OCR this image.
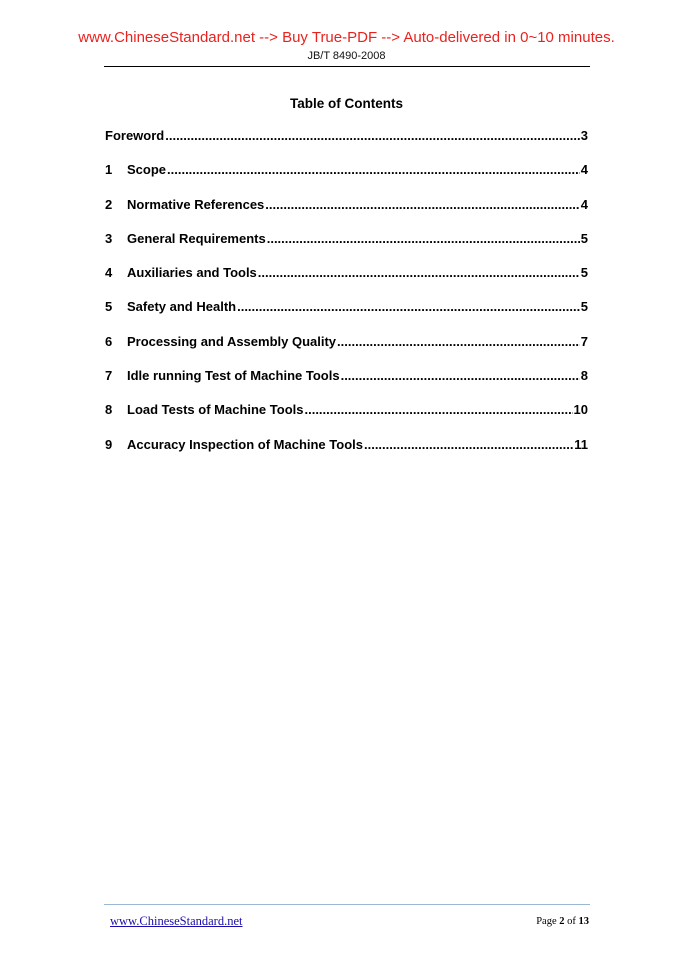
www.ChineseStandard.net --> Buy True-PDF --> Auto-delivered in 0~10 minutes.
JB/T 8490-2008
Table of Contents
Foreword .....	3
1	Scope .....	4
2	Normative References .....	4
3	General Requirements .....	5
4	Auxiliaries and Tools .....	5
5	Safety and Health .....	5
6	Processing and Assembly Quality .....	7
7	Idle running Test of Machine Tools .....	8
8	Load Tests of Machine Tools .....	10
9	Accuracy Inspection of Machine Tools .....	11
www.ChineseStandard.net	Page 2 of 13
